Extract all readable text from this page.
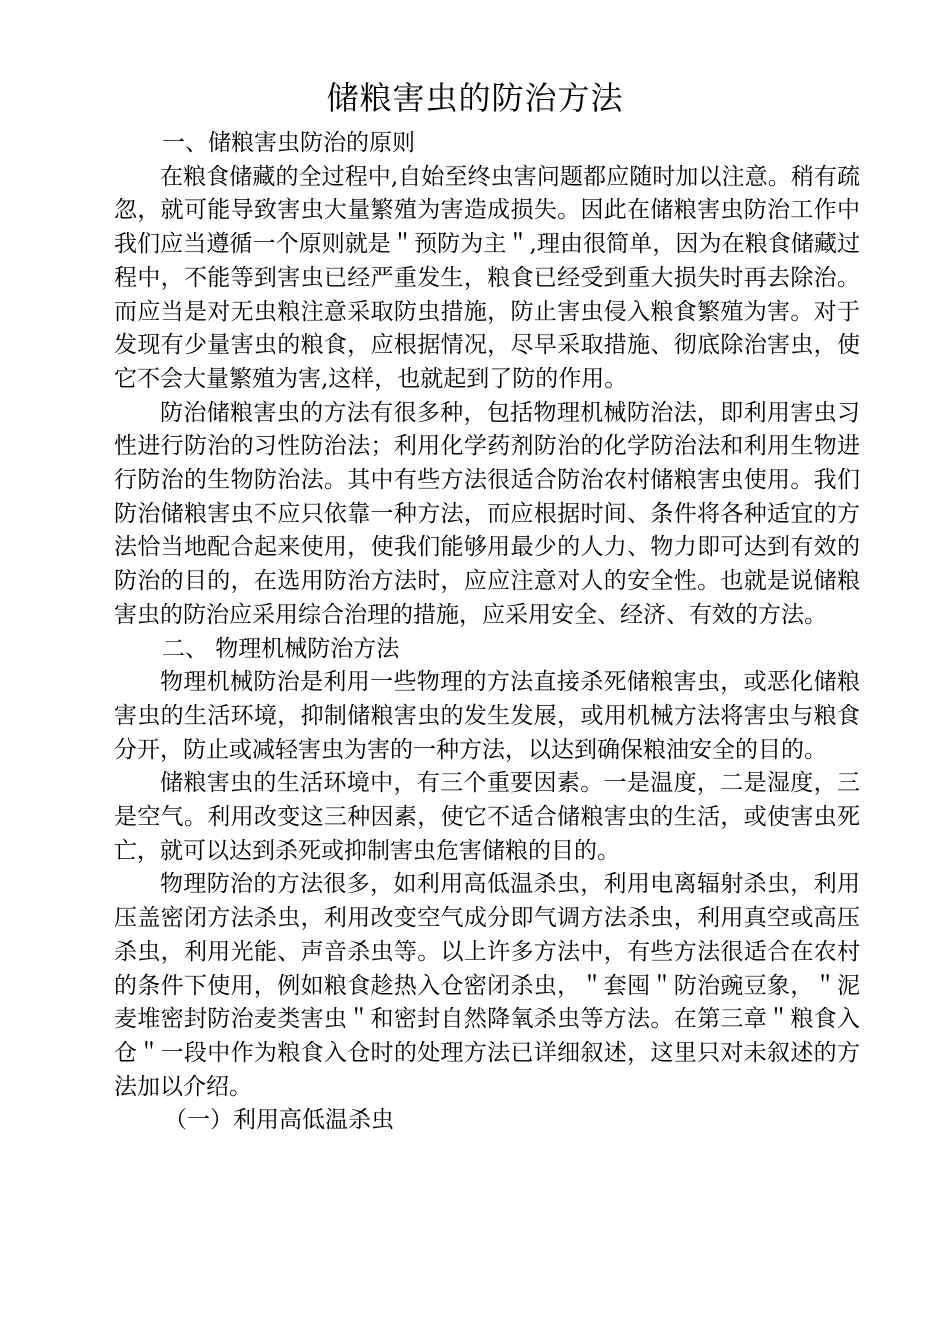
储粮害虫的防治方法

一、储粮害虫防治的原则

在粮食储藏的全过程中,自始至终虫害问题都应随时加以注意。稍有疏忽，就可能导致害虫大量繁殖为害造成损失。因此在储粮害虫防治工作中我们应当遵循一个原则就是＂预防为主＂,理由很简单，因为在粮食储藏过程中，不能等到害虫已经严重发生，粮食已经受到重大损失时再去除治。而应当是对无虫粮注意采取防虫措施，防止害虫侵入粮食繁殖为害。对于发现有少量害虫的粮食，应根据情况，尽早采取措施、彻底除治害虫，使它不会大量繁殖为害,这样，也就起到了防的作用。

防治储粮害虫的方法有很多种，包括物理机械防治法，即利用害虫习性进行防治的习性防治法；利用化学药剂防治的化学防治法和利用生物进行防治的生物防治法。其中有些方法很适合防治农村储粮害虫使用。我们防治储粮害虫不应只依靠一种方法，而应根据时间、条件将各种适宜的方法恰当地配合起来使用，使我们能够用最少的人力、物力即可达到有效的防治的目的，在选用防治方法时，应应注意对人的安全性。也就是说储粮害虫的防治应采用综合治理的措施，应采用安全、经济、有效的方法。

二、 物理机械防治方法

物理机械防治是利用一些物理的方法直接杀死储粮害虫，或恶化储粮害虫的生活环境，抑制储粮害虫的发生发展，或用机械方法将害虫与粮食分开，防止或减轻害虫为害的一种方法，以达到确保粮油安全的目的。

储粮害虫的生活环境中，有三个重要因素。一是温度，二是湿度，三是空气。利用改变这三种因素，使它不适合储粮害虫的生活，或使害虫死亡，就可以达到杀死或抑制害虫危害储粮的目的。

物理防治的方法很多，如利用高低温杀虫，利用电离辐射杀虫，利用压盖密闭方法杀虫，利用改变空气成分即气调方法杀虫，利用真空或高压杀虫，利用光能、声音杀虫等。以上许多方法中，有些方法很适合在农村的条件下使用，例如粮食趁热入仓密闭杀虫，＂套囤＂防治豌豆象，＂泥麦堆密封防治麦类害虫＂和密封自然降氧杀虫等方法。在第三章＂粮食入仓＂一段中作为粮食入仓时的处理方法已详细叙述，这里只对未叙述的方法加以介绍。

（一）利用高低温杀虫
